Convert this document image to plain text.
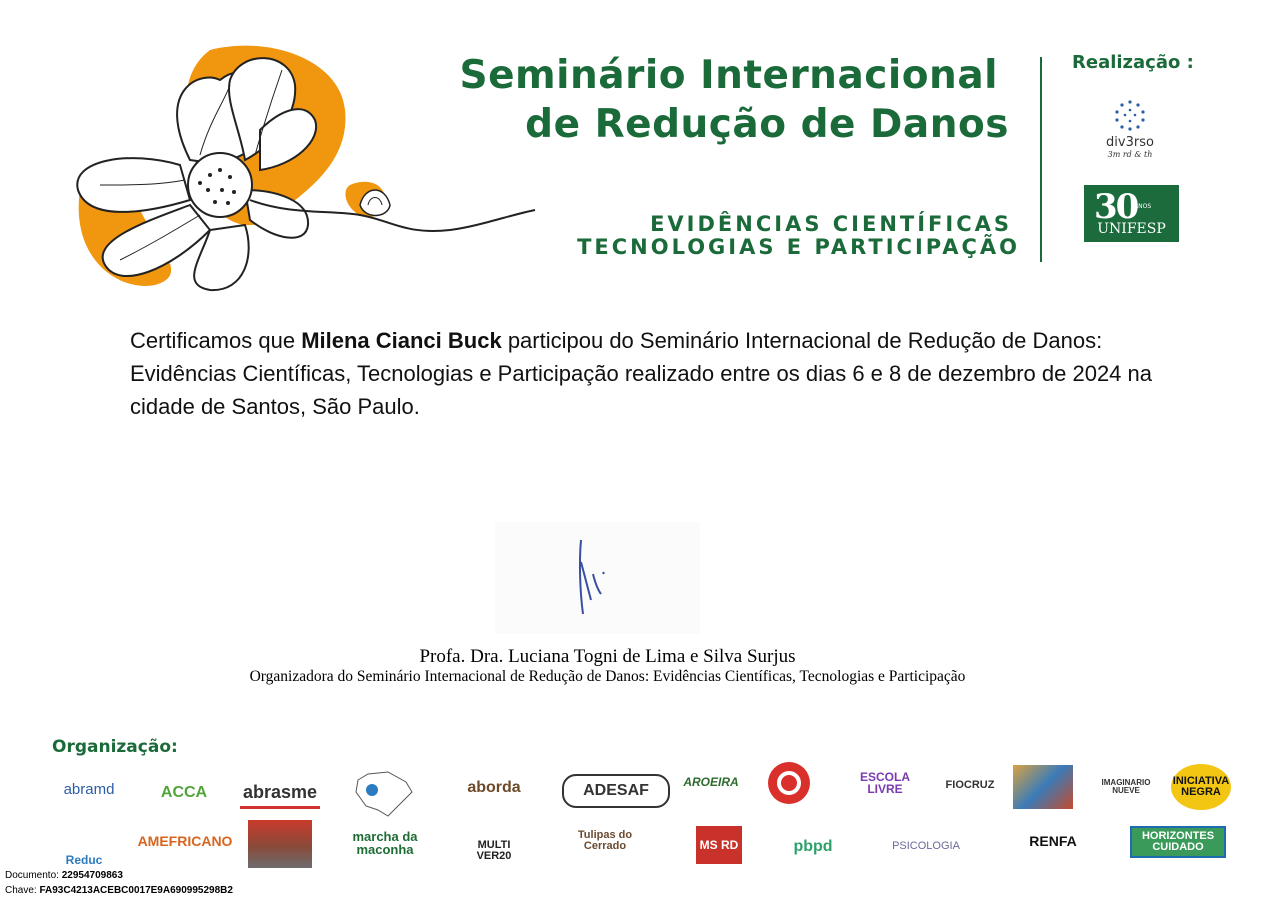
Seminário Internacional
de Redução de Danos
EVIDÊNCIAS CIENTÍFICAS
TECNOLOGIAS E PARTICIPAÇÃO
Realização :
div3rso
3m rd & th
30
ANOS
UNIFESP
Certificamos que Milena Cianci Buck participou do Seminário Internacional de Redução de Danos: Evidências Científicas, Tecnologias e Participação realizado entre os dias 6 e 8 de dezembro de 2024 na cidade de Santos, São Paulo.
Profa. Dra. Luciana Togni de Lima e Silva Surjus
Organizadora do Seminário Internacional de Redução de Danos: Evidências Científicas, Tecnologias e Participação
Organização:
abramd	ACCA	abrasme	aborda	ADESAF	AROEIRA	ESCOLA LIVRE	FIOCRUZ	IMAGINARIO NUEVE
INICIATIVA NEGRA
Reduc
AMEFRICANO	marcha da maconha	MULTI VER20
Tulipas do Cerrado	MS RD	pbpd	PSICOLOGIA	RENFA	HORIZONTES CUIDADO
Documento: 22954709863
Chave: FA93C4213ACEBC0017E9A690995298B2
